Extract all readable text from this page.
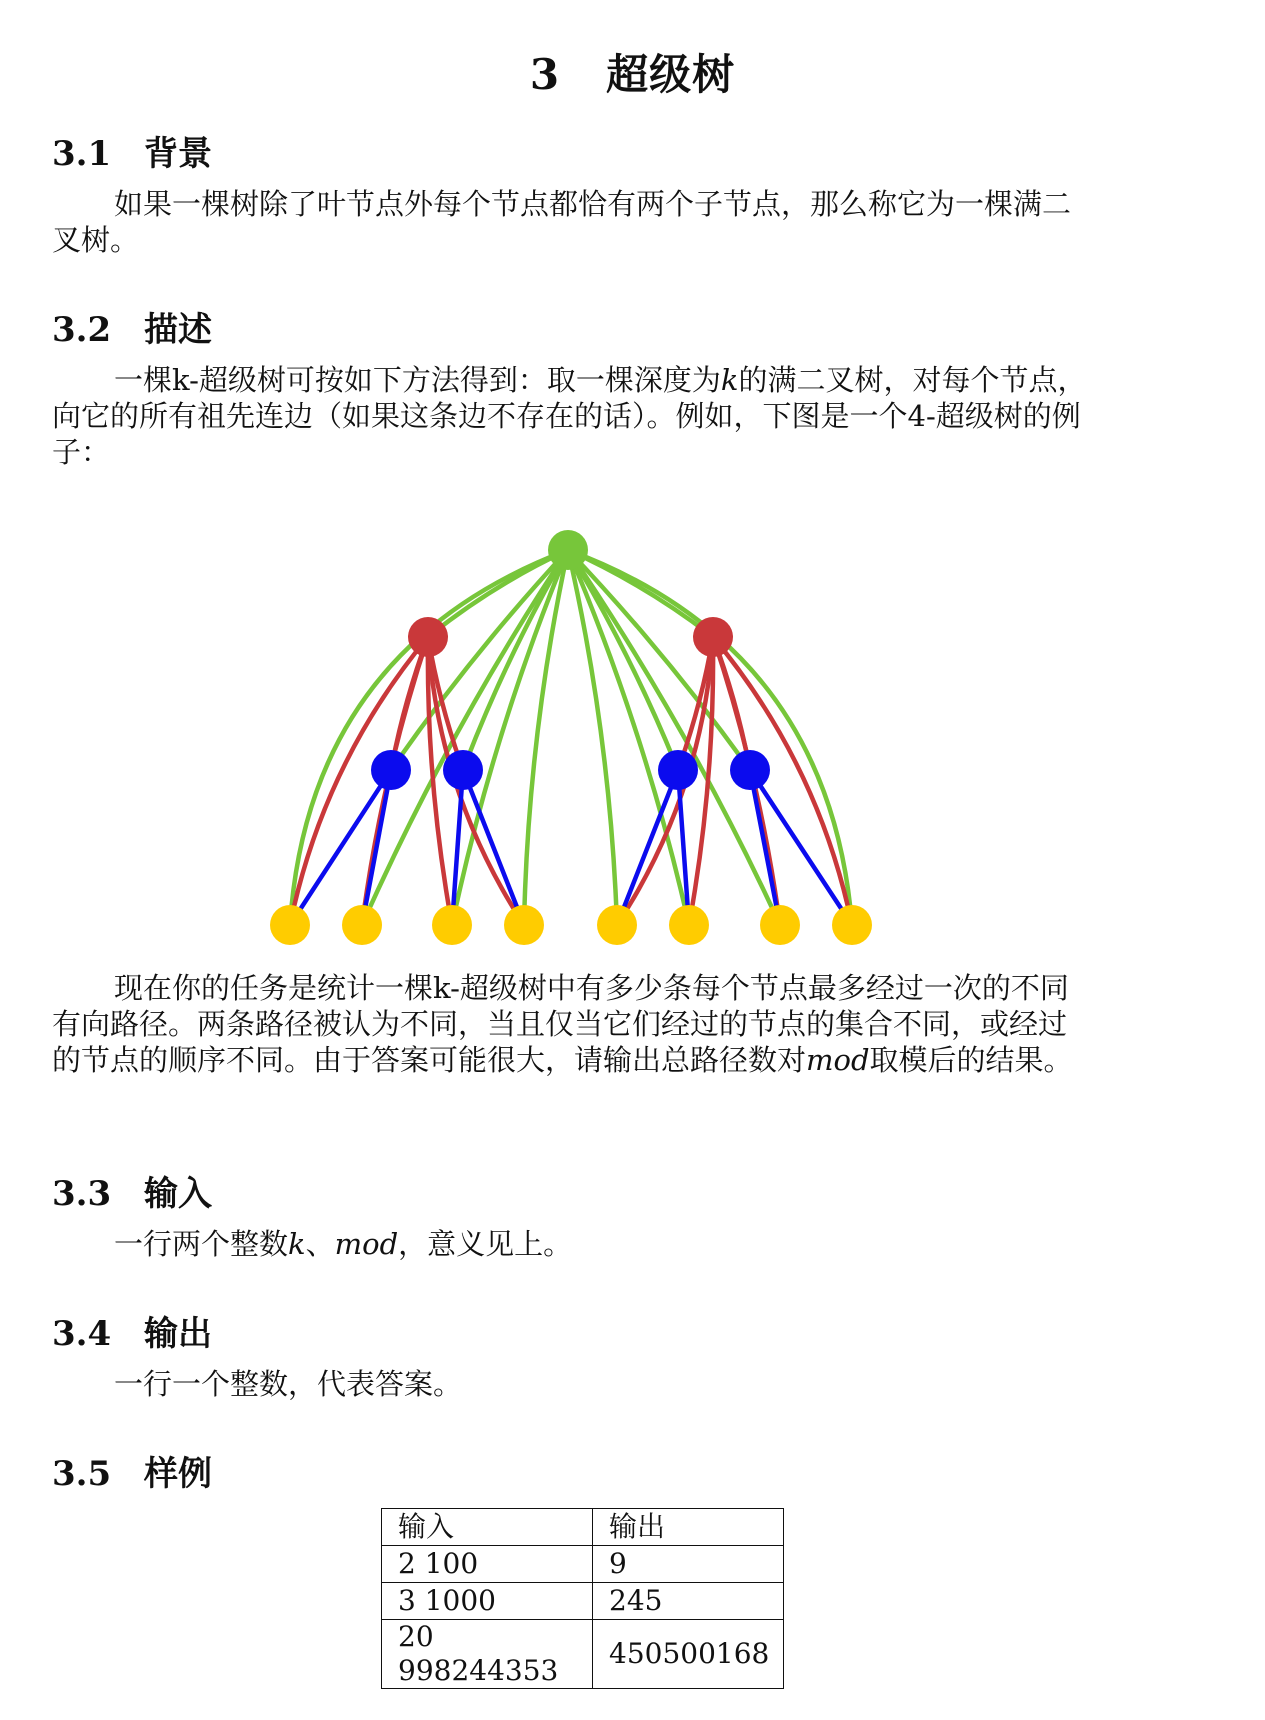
3 超级树
3.1 背景

如果一棵树除了叶节点外每个节点都恰有两个子节点，那么称它为一棵满二叉树。

3.2 描述

一棵k-超级树可按如下方法得到：取一棵深度为k的满二叉树，对每个节点，向它的所有祖先连边（如果这条边不存在的话）。例如，下图是一个4-超级树的例子：

现在你的任务是统计一棵k-超级树中有多少条每个节点最多经过一次的不同有向路径。两条路径被认为不同，当且仅当它们经过的节点的集合不同，或经过的节点的顺序不同。由于答案可能很大，请输出总路径数对mod取模后的结果。

3.3 输入

一行两个整数k、mod，意义见上。

3.4 输出

一行一个整数，代表答案。

3.5 样例
输入	输出
2 100	9
3 1000	245
20 998244353	450500168
